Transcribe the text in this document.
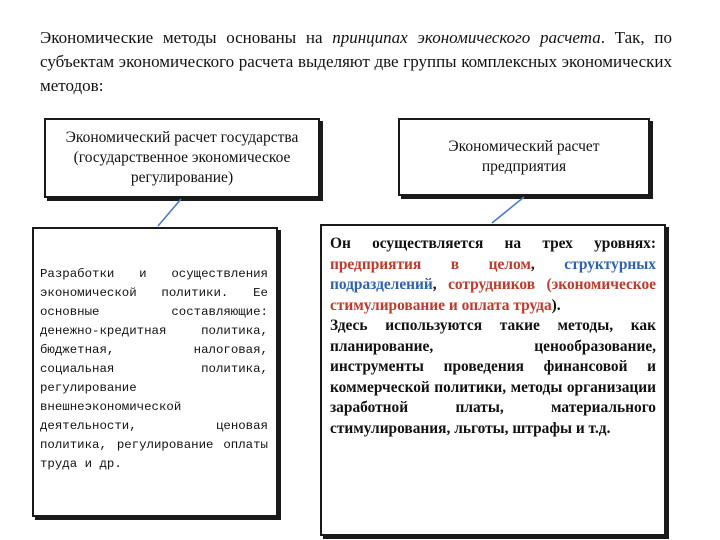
Экономические методы основаны на принципах экономического расчета. Так, по субъектам экономического расчета выделяют две группы комплексных экономических методов:
Экономический расчет государства (государственное экономическое регулирование)
Экономический расчет предприятия
Разработки и осуществления экономической политики. Ее основные составляющие: денежно-кредитная политика, бюджетная, налоговая, социальная политика, регулирование внешнеэкономической деятельности, ценовая политика, регулирование оплаты труда и др.
Он осуществляется на трех уровнях: предприятия в целом, структурных подразделений, сотрудников (экономическое стимулирование и оплата труда).
Здесь используются такие методы, как планирование, ценообразование, инструменты проведения финансовой и коммерческой политики, методы организации заработной платы, материального стимулирования, льготы, штрафы и т.д.
